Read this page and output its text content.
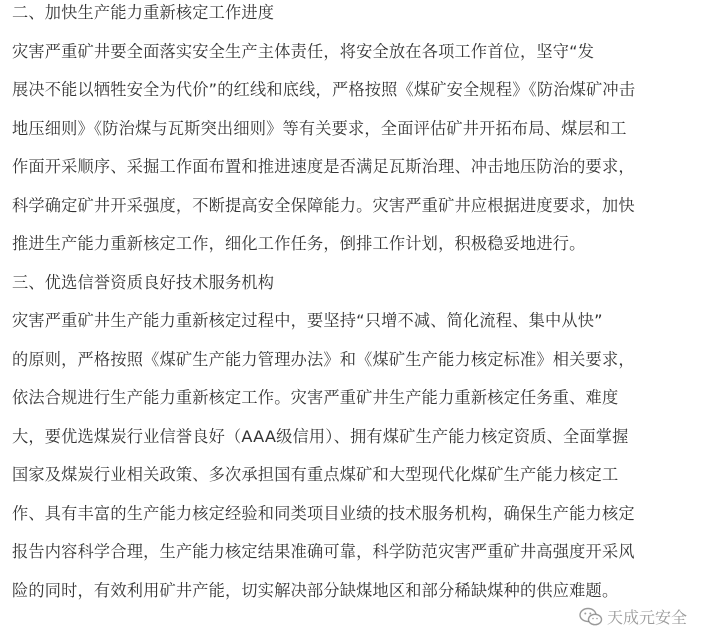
二、加快生产能力重新核定工作进度
灾害严重矿井要全面落实安全生产主体责任，将安全放在各项工作首位，坚守“发
展决不能以牺牲安全为代价”的红线和底线，严格按照《煤矿安全规程》《防治煤矿冲击
地压细则》《防治煤与瓦斯突出细则》等有关要求，全面评估矿井开拓布局、煤层和工
作面开采顺序、采掘工作面布置和推进速度是否满足瓦斯治理、冲击地压防治的要求，
科学确定矿井开采强度，不断提高安全保障能力。灾害严重矿井应根据进度要求，加快
推进生产能力重新核定工作，细化工作任务，倒排工作计划，积极稳妥地进行。
三、优选信誉资质良好技术服务机构
灾害严重矿井生产能力重新核定过程中，要坚持“只增不减、简化流程、集中从快”
的原则，严格按照《煤矿生产能力管理办法》和《煤矿生产能力核定标准》相关要求，
依法合规进行生产能力重新核定工作。灾害严重矿井生产能力重新核定任务重、难度
大，要优选煤炭行业信誉良好（AAA级信用）、拥有煤矿生产能力核定资质、全面掌握
国家及煤炭行业相关政策、多次承担国有重点煤矿和大型现代化煤矿生产能力核定工
作、具有丰富的生产能力核定经验和同类项目业绩的技术服务机构，确保生产能力核定
报告内容科学合理，生产能力核定结果准确可靠，科学防范灾害严重矿井高强度开采风
险的同时，有效利用矿井产能，切实解决部分缺煤地区和部分稀缺煤种的供应难题。
天成元安全
